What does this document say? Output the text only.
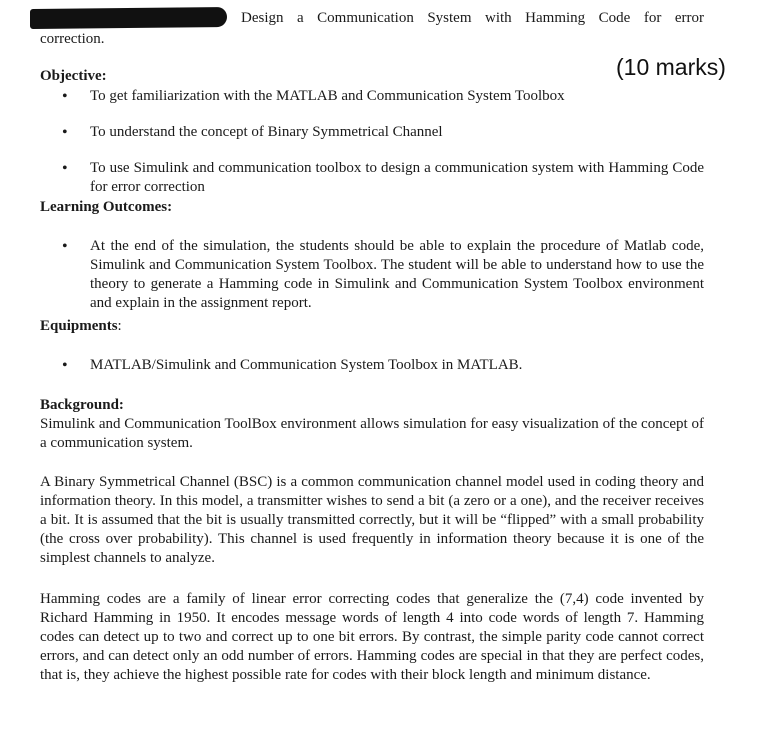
Design a Communication System with Hamming Code for error
correction.
(10 marks)
Objective:
•
To get familiarization with the MATLAB and Communication System Toolbox
•
To understand the concept of Binary Symmetrical Channel
•
To use Simulink and communication toolbox to design a communication system with Hamming Code for error correction
Learning Outcomes:
•
At the end of the simulation, the students should be able to explain the procedure of Matlab code, Simulink and Communication System Toolbox. The student will be able to understand how to use the theory to generate a Hamming code in Simulink and Communication System Toolbox environment and explain in the assignment report.
Equipments:
•
MATLAB/Simulink and Communication System Toolbox in MATLAB.
Background:
Simulink and Communication ToolBox environment allows simulation for easy visualization of the concept of a communication system.
A Binary Symmetrical Channel (BSC) is a common communication channel model used in coding theory and information theory. In this model, a transmitter wishes to send a bit (a zero or a one), and the receiver receives a bit. It is assumed that the bit is usually transmitted correctly, but it will be “flipped” with a small probability (the cross over probability). This channel is used frequently in information theory because it is one of the simplest channels to analyze.
Hamming codes are a family of linear error correcting codes that generalize the (7,4) code invented by Richard Hamming in 1950. It encodes message words of length 4 into code words of length 7. Hamming codes can detect up to two and correct up to one bit errors. By contrast, the simple parity code cannot correct errors, and can detect only an odd number of errors. Hamming codes are special in that they are perfect codes, that is, they achieve the highest possible rate for codes with their block length and minimum distance.
